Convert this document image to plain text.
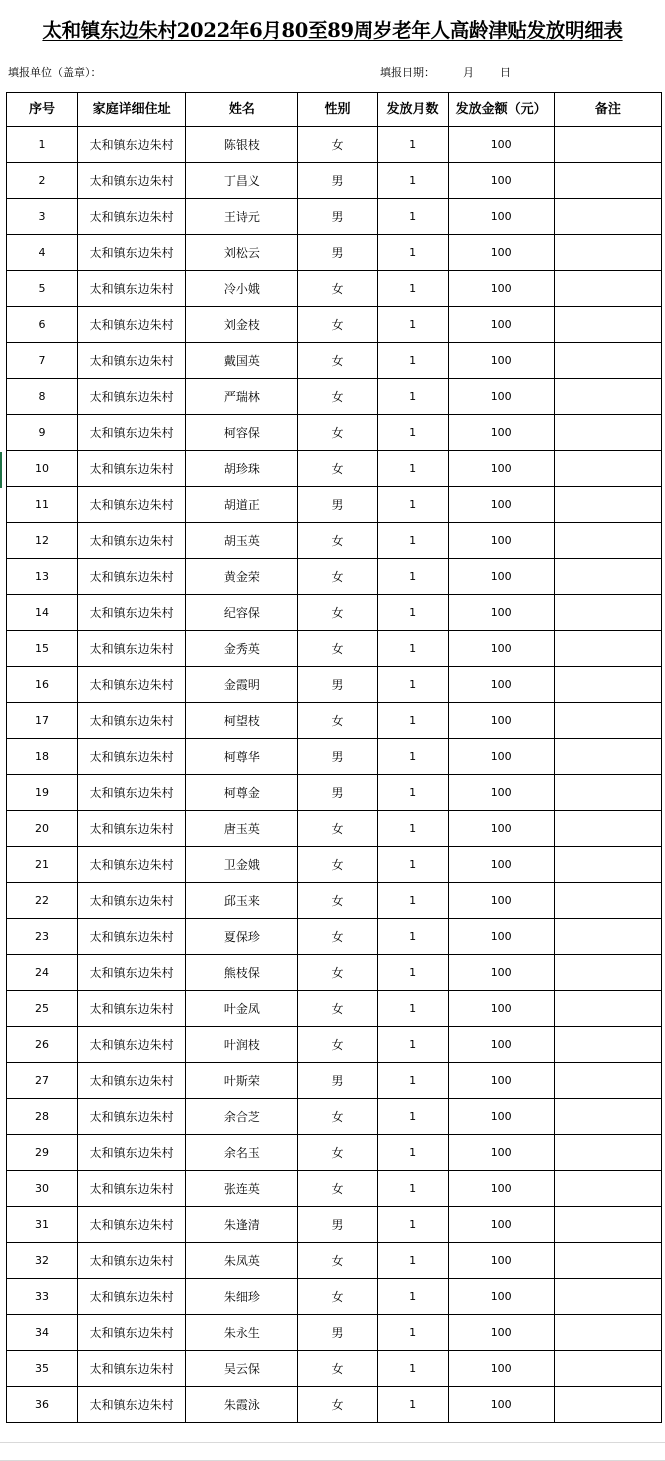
太和镇东边朱村2022年6月80至89周岁老年人高龄津贴发放明细表
填报单位（盖章）：	填报日期：	月 日
序号	家庭详细住址	姓名	性别	发放月数	发放金额（元）	备注
1	太和镇东边朱村	陈银枝	女	1	100	
2	太和镇东边朱村	丁昌义	男	1	100	
3	太和镇东边朱村	王诗元	男	1	100	
4	太和镇东边朱村	刘松云	男	1	100	
5	太和镇东边朱村	冷小娥	女	1	100	
6	太和镇东边朱村	刘金枝	女	1	100	
7	太和镇东边朱村	戴国英	女	1	100	
8	太和镇东边朱村	严瑞林	女	1	100	
9	太和镇东边朱村	柯容保	女	1	100	
10	太和镇东边朱村	胡珍珠	女	1	100	
11	太和镇东边朱村	胡道正	男	1	100	
12	太和镇东边朱村	胡玉英	女	1	100	
13	太和镇东边朱村	黄金荣	女	1	100	
14	太和镇东边朱村	纪容保	女	1	100	
15	太和镇东边朱村	金秀英	女	1	100	
16	太和镇东边朱村	金霞明	男	1	100	
17	太和镇东边朱村	柯望枝	女	1	100	
18	太和镇东边朱村	柯尊华	男	1	100	
19	太和镇东边朱村	柯尊金	男	1	100	
20	太和镇东边朱村	唐玉英	女	1	100	
21	太和镇东边朱村	卫金娥	女	1	100	
22	太和镇东边朱村	邱玉来	女	1	100	
23	太和镇东边朱村	夏保珍	女	1	100	
24	太和镇东边朱村	熊枝保	女	1	100	
25	太和镇东边朱村	叶金凤	女	1	100	
26	太和镇东边朱村	叶润枝	女	1	100	
27	太和镇东边朱村	叶斯荣	男	1	100	
28	太和镇东边朱村	余合芝	女	1	100	
29	太和镇东边朱村	余名玉	女	1	100	
30	太和镇东边朱村	张连英	女	1	100	
31	太和镇东边朱村	朱逢清	男	1	100	
32	太和镇东边朱村	朱凤英	女	1	100	
33	太和镇东边朱村	朱细珍	女	1	100	
34	太和镇东边朱村	朱永生	男	1	100	
35	太和镇东边朱村	吴云保	女	1	100	
36	太和镇东边朱村	朱霞泳	女	1	100	
